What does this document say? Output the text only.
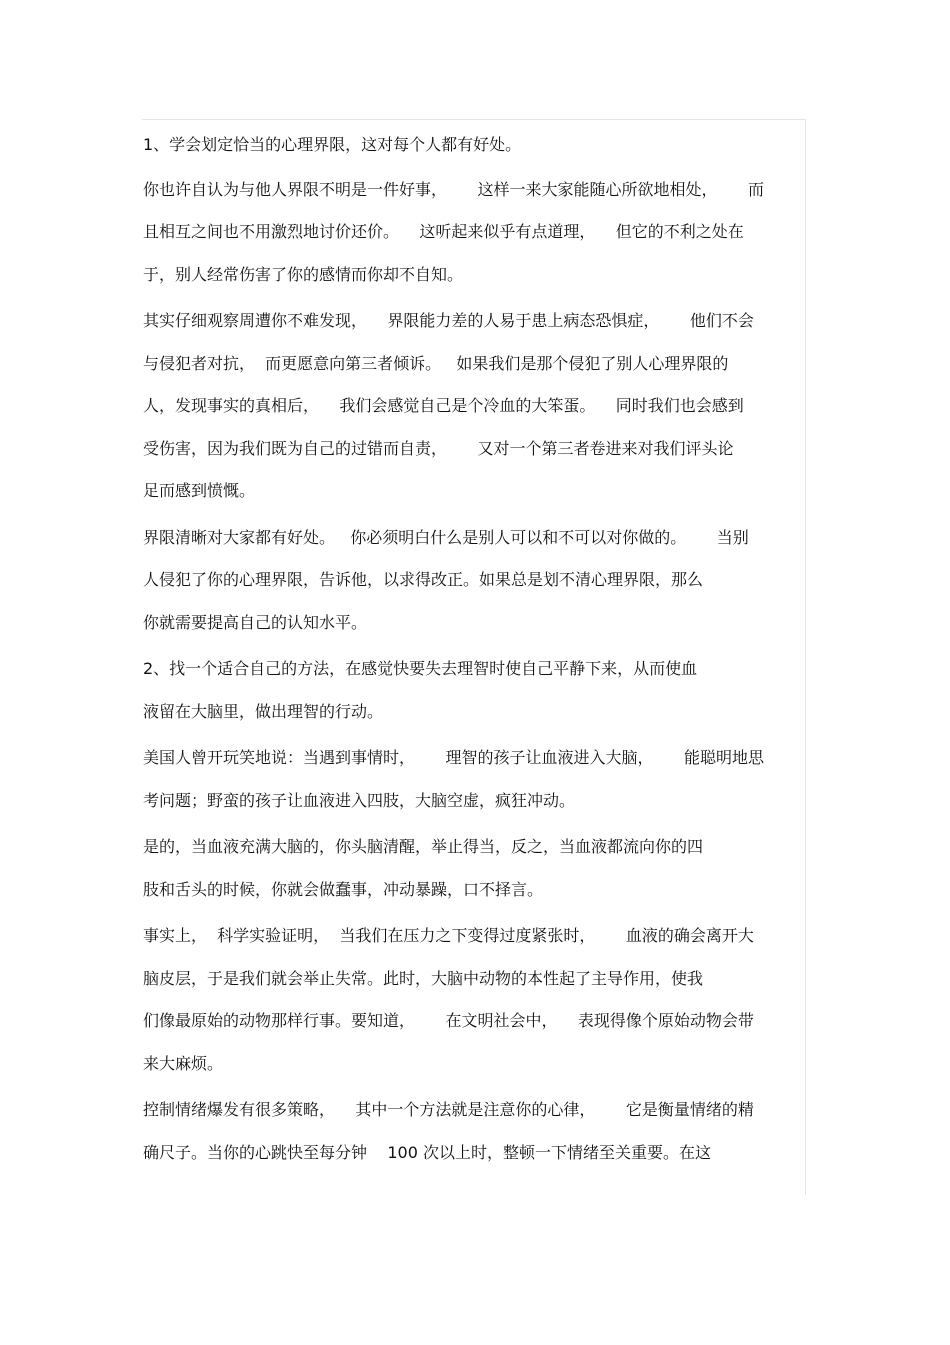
1、学会划定恰当的心理界限，这对每个人都有好处。
你也许自认为与他人界限不明是一件好事，      这样一来大家能随心所欲地相处，      而
且相互之间也不用激烈地讨价还价。    这听起来似乎有点道理，    但它的不利之处在
于，别人经常伤害了你的感情而你却不自知。
其实仔细观察周遭你不难发现，    界限能力差的人易于患上病态恐惧症，      他们不会
与侵犯者对抗，  而更愿意向第三者倾诉。   如果我们是那个侵犯了别人心理界限的
人，发现事实的真相后，    我们会感觉自己是个冷血的大笨蛋。    同时我们也会感到
受伤害，因为我们既为自己的过错而自责，      又对一个第三者卷进来对我们评头论
足而感到愤慨。
界限清晰对大家都有好处。   你必须明白什么是别人可以和不可以对你做的。      当别
人侵犯了你的心理界限，告诉他，以求得改正。如果总是划不清心理界限，那么
你就需要提高自己的认知水平。
2、找一个适合自己的方法，在感觉快要失去理智时使自己平静下来，从而使血
液留在大脑里，做出理智的行动。
美国人曾开玩笑地说：当遇到事情时，      理智的孩子让血液进入大脑，      能聪明地思
考问题；野蛮的孩子让血液进入四肢，大脑空虚，疯狂冲动。
是的，当血液充满大脑的，你头脑清醒，举止得当，反之，当血液都流向你的四
肢和舌头的时候，你就会做蠢事，冲动暴躁，口不择言。
事实上，  科学实验证明，  当我们在压力之下变得过度紧张时，      血液的确会离开大
脑皮层，于是我们就会举止失常。此时，大脑中动物的本性起了主导作用，使我
们像最原始的动物那样行事。要知道，      在文明社会中，    表现得像个原始动物会带
来大麻烦。
控制情绪爆发有很多策略，    其中一个方法就是注意你的心律，      它是衡量情绪的精
确尺子。当你的心跳快至每分钟    100 次以上时，整顿一下情绪至关重要。在这
